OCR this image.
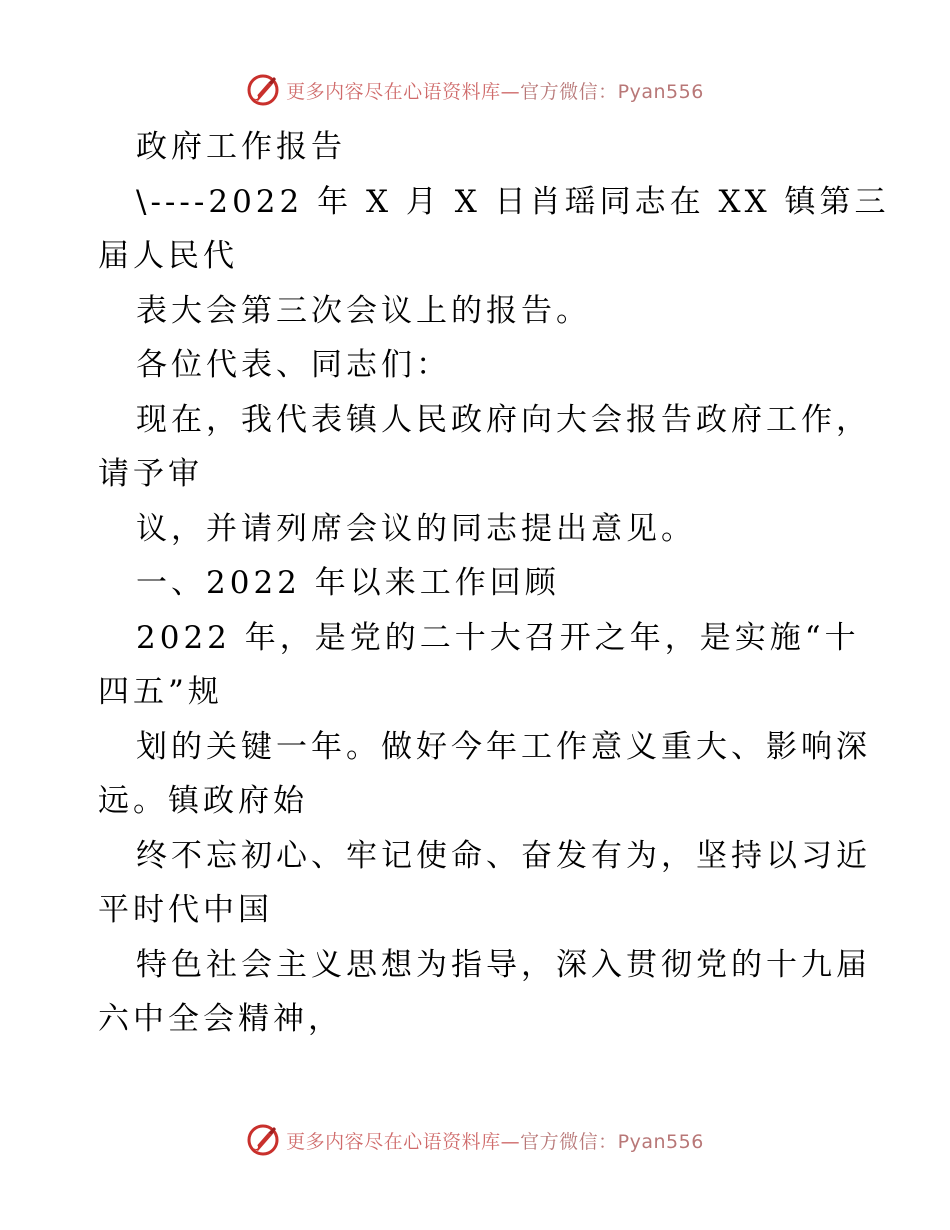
更多内容尽在心语资料库—官方微信：Pyan556
政府工作报告
\----2022 年 X 月 X 日肖瑶同志在 XX 镇第三
届人民代
表大会第三次会议上的报告。
各位代表、同志们：
现在，我代表镇人民政府向大会报告政府工作，
请予审
议，并请列席会议的同志提出意见。
一、2022 年以来工作回顾
2022 年，是党的二十大召开之年，是实施“十
四五”规
划的关键一年。做好今年工作意义重大、影响深
远。镇政府始
终不忘初心、牢记使命、奋发有为，坚持以习近
平时代中国
特色社会主义思想为指导，深入贯彻党的十九届
六中全会精神，
更多内容尽在心语资料库—官方微信：Pyan556
